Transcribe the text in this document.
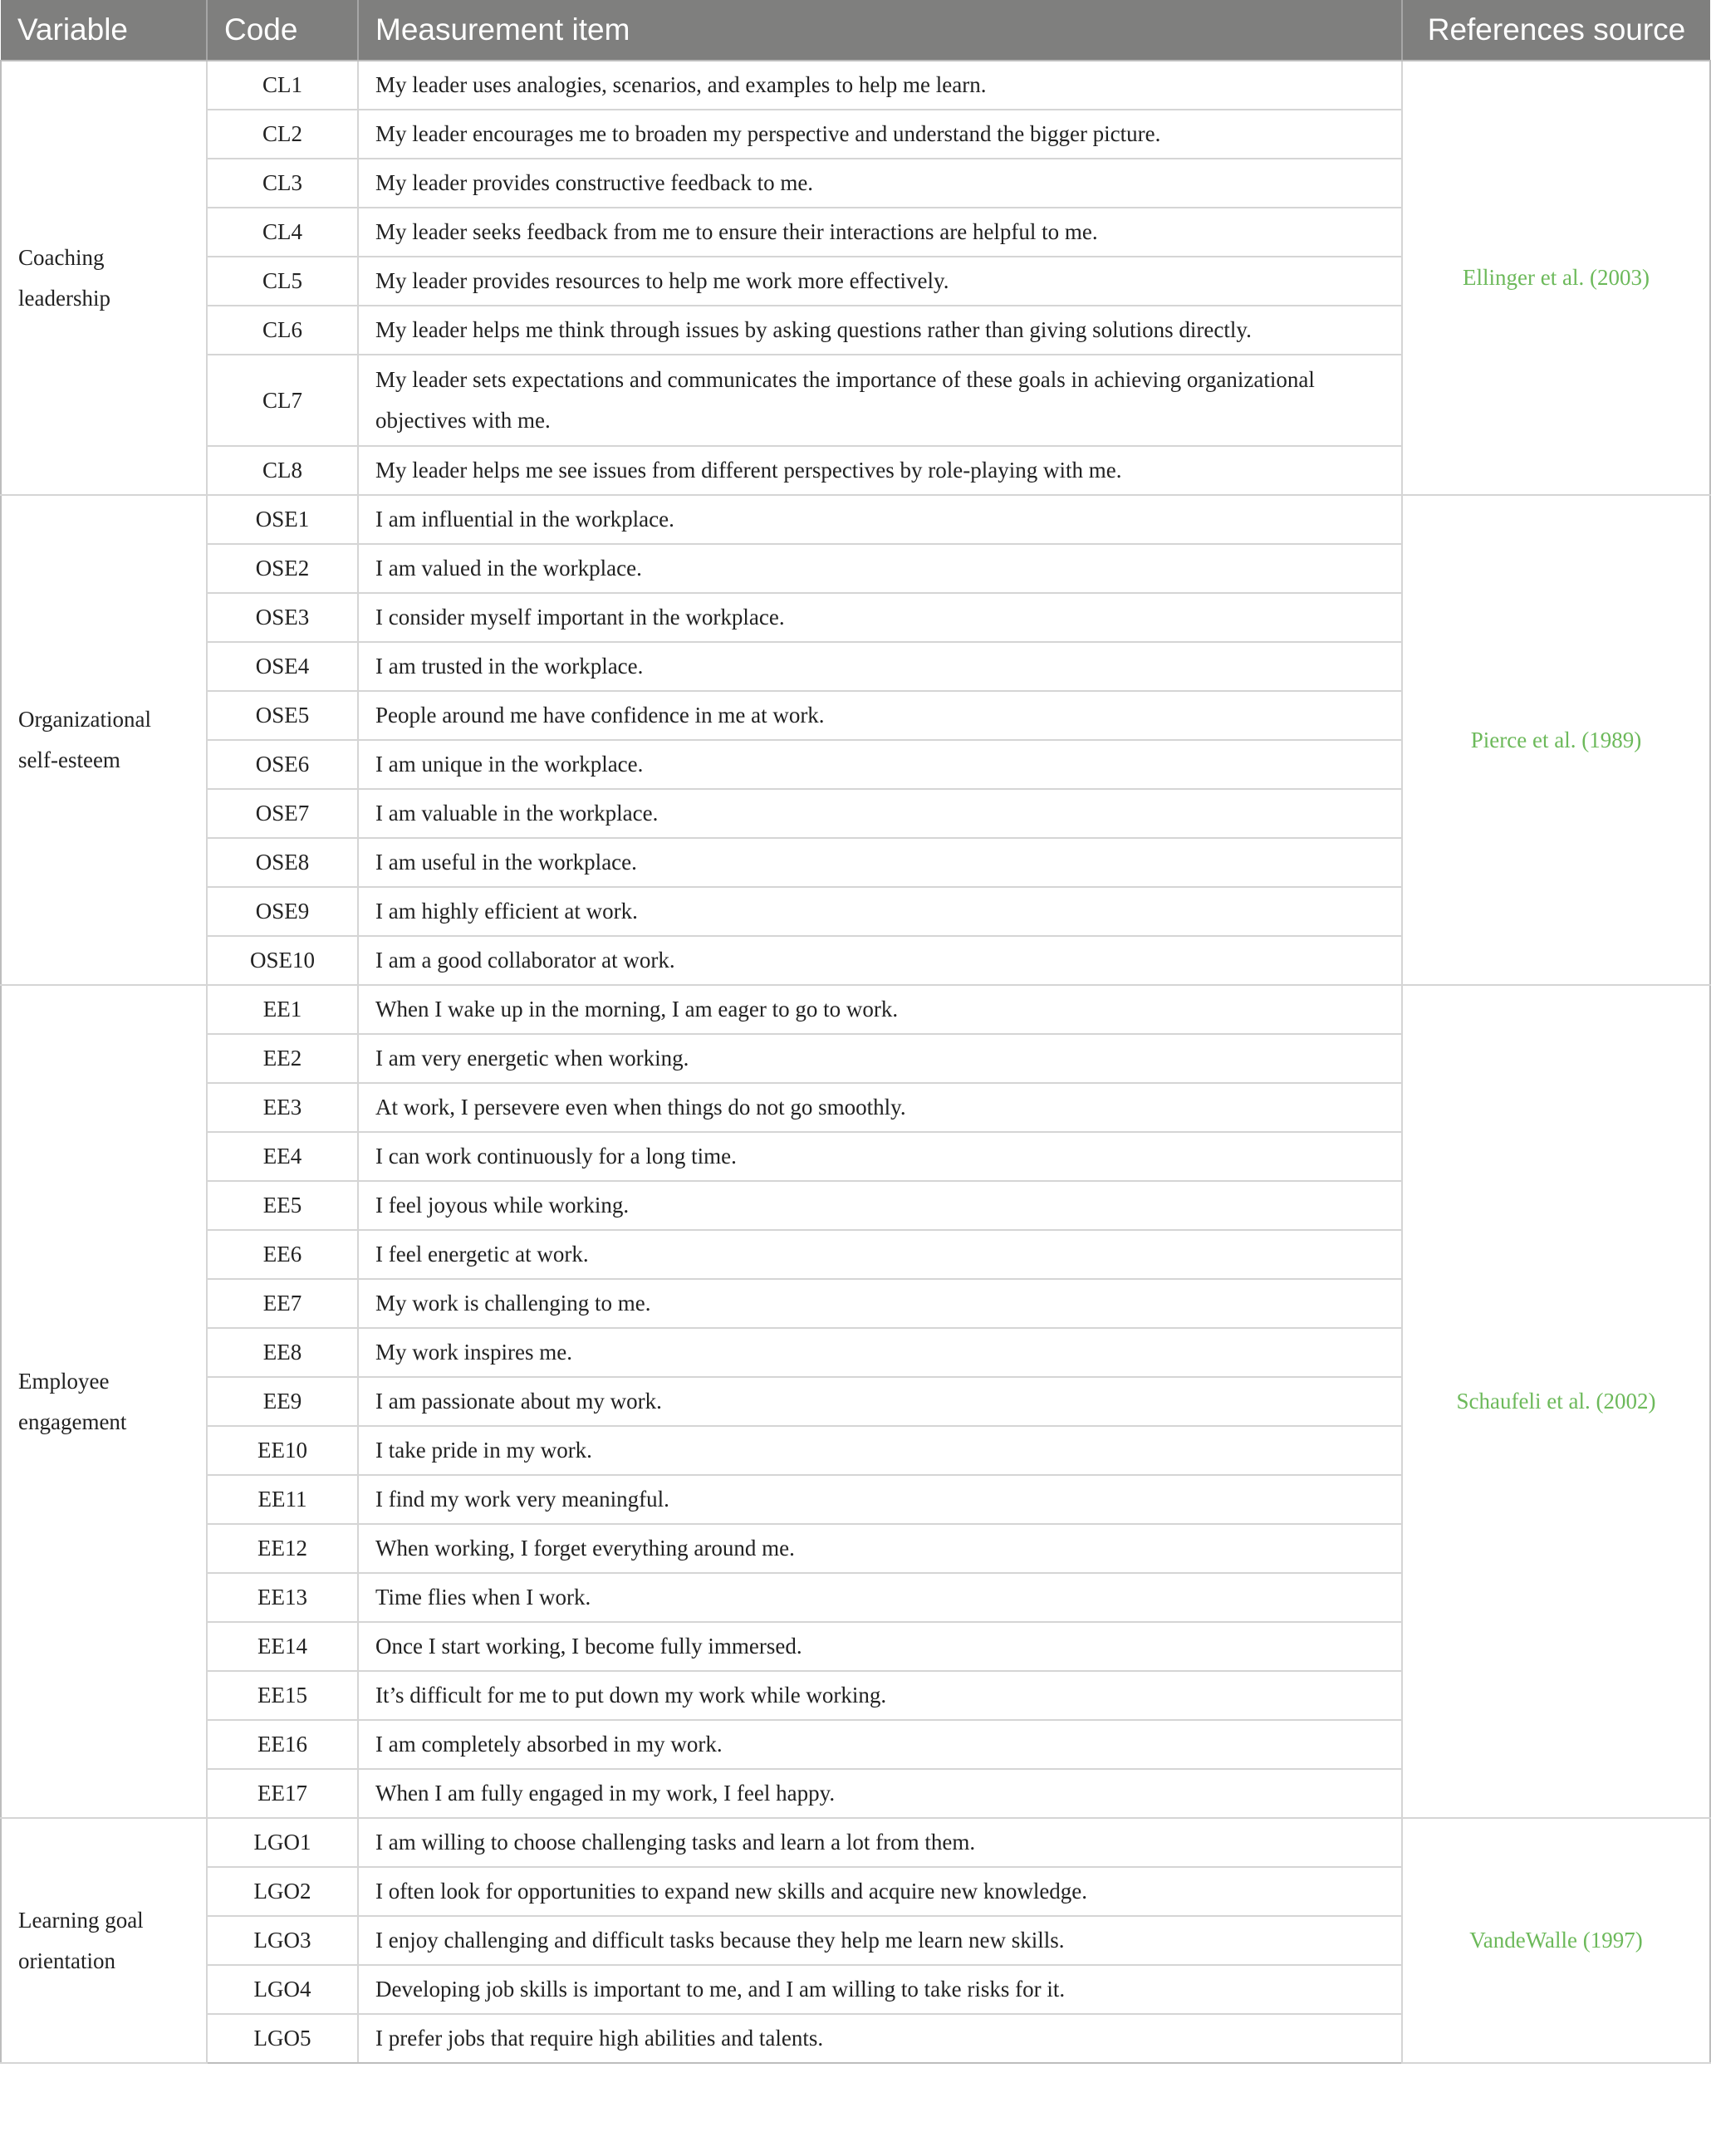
Variable	Code	Measurement item	References source
Coaching leadership	CL1	My leader uses analogies, scenarios, and examples to help me learn.	Ellinger et al. (2003)
	CL2	My leader encourages me to broaden my perspective and understand the bigger picture.	
	CL3	My leader provides constructive feedback to me.	
	CL4	My leader seeks feedback from me to ensure their interactions are helpful to me.	
	CL5	My leader provides resources to help me work more effectively.	
	CL6	My leader helps me think through issues by asking questions rather than giving solutions directly.	
	CL7	My leader sets expectations and communicates the importance of these goals in achieving organizational objectives with me.	
	CL8	My leader helps me see issues from different perspectives by role-playing with me.	
Organizational self-esteem	OSE1	I am influential in the workplace.	Pierce et al. (1989)
	OSE2	I am valued in the workplace.	
	OSE3	I consider myself important in the workplace.	
	OSE4	I am trusted in the workplace.	
	OSE5	People around me have confidence in me at work.	
	OSE6	I am unique in the workplace.	
	OSE7	I am valuable in the workplace.	
	OSE8	I am useful in the workplace.	
	OSE9	I am highly efficient at work.	
	OSE10	I am a good collaborator at work.	
Employee engagement	EE1	When I wake up in the morning, I am eager to go to work.	Schaufeli et al. (2002)
	EE2	I am very energetic when working.	
	EE3	At work, I persevere even when things do not go smoothly.	
	EE4	I can work continuously for a long time.	
	EE5	I feel joyous while working.	
	EE6	I feel energetic at work.	
	EE7	My work is challenging to me.	
	EE8	My work inspires me.	
	EE9	I am passionate about my work.	
	EE10	I take pride in my work.	
	EE11	I find my work very meaningful.	
	EE12	When working, I forget everything around me.	
	EE13	Time flies when I work.	
	EE14	Once I start working, I become fully immersed.	
	EE15	It’s difficult for me to put down my work while working.	
	EE16	I am completely absorbed in my work.	
	EE17	When I am fully engaged in my work, I feel happy.	
Learning goal orientation	LGO1	I am willing to choose challenging tasks and learn a lot from them.	VandeWalle (1997)
	LGO2	I often look for opportunities to expand new skills and acquire new knowledge.	
	LGO3	I enjoy challenging and difficult tasks because they help me learn new skills.	
	LGO4	Developing job skills is important to me, and I am willing to take risks for it.	
	LGO5	I prefer jobs that require high abilities and talents.	
